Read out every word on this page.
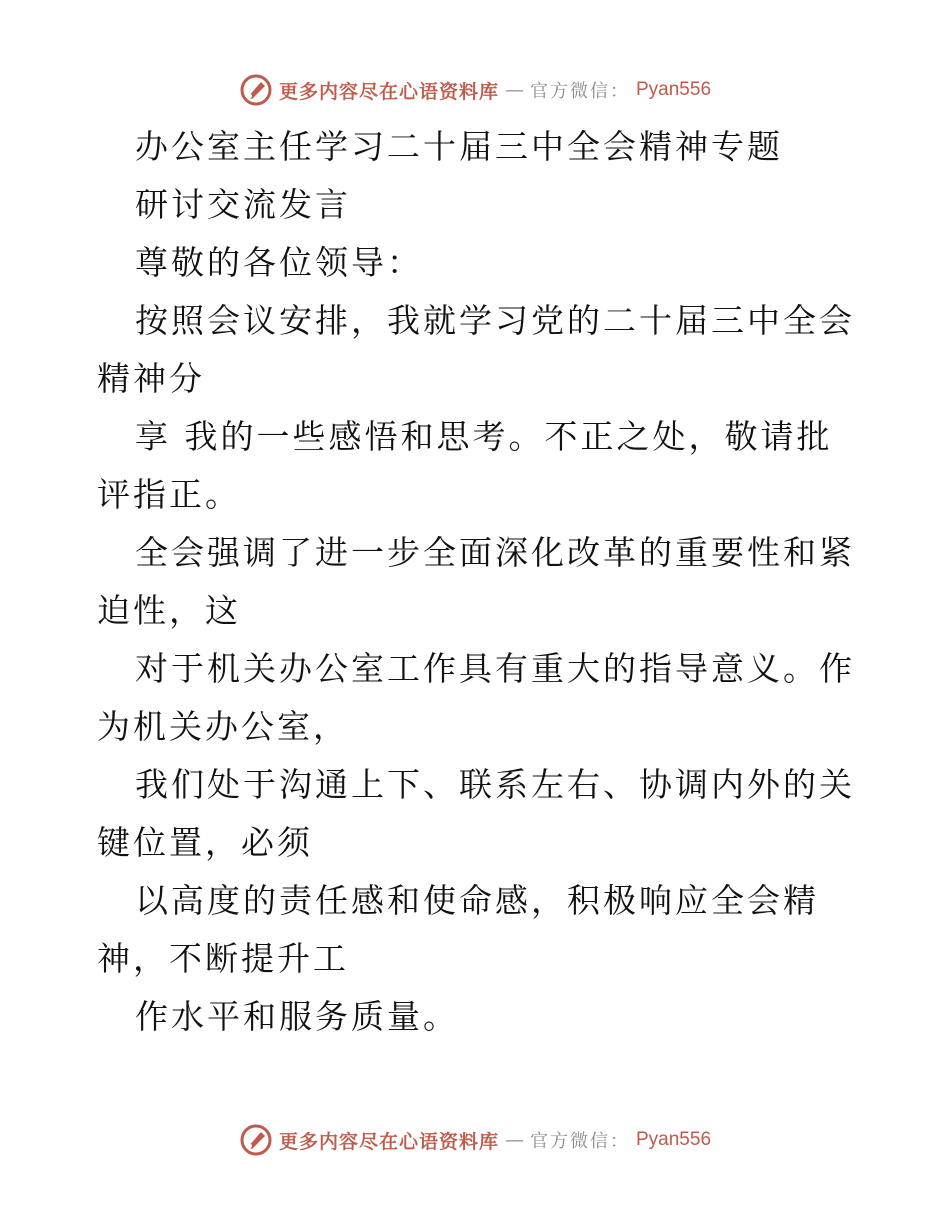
更多内容尽在心语资料库 — 官方微信： Pyan556

办公室主任学习二十届三中全会精神专题

研讨交流发言

尊敬的各位领导：

按照会议安排，我就学习党的二十届三中全会精神分

享 我的一些感悟和思考。不正之处，敬请批评指正。

全会强调了进一步全面深化改革的重要性和紧迫性，这

对于机关办公室工作具有重大的指导意义。作为机关办公室，

我们处于沟通上下、联系左右、协调内外的关键位置，必须

以高度的责任感和使命感，积极响应全会精神，不断提升工

作水平和服务质量。

更多内容尽在心语资料库 — 官方微信： Pyan556
